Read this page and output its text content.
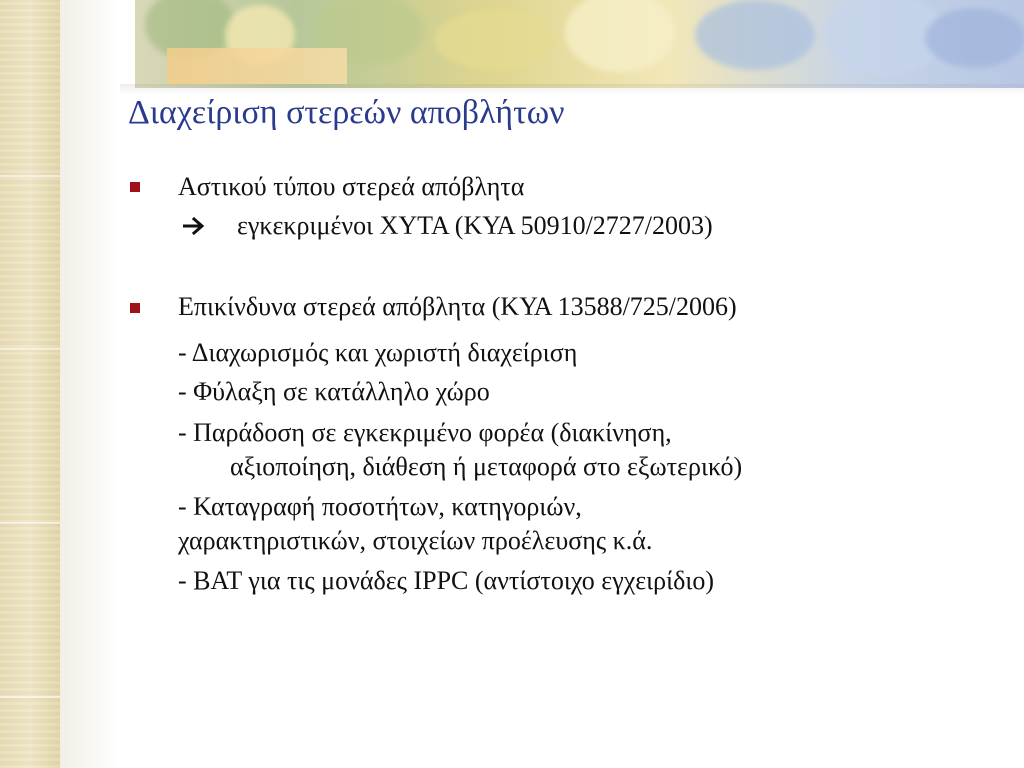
Διαχείριση στερεών αποβλήτων
Αστικού τύπου στερεά απόβλητα
εγκεκριμένοι ΧΥΤΑ (ΚΥΑ 50910/2727/2003)
Επικίνδυνα στερεά απόβλητα (ΚΥΑ 13588/725/2006)
- Διαχωρισμός και χωριστή διαχείριση
- Φύλαξη σε κατάλληλο χώρο
- Παράδοση σε εγκεκριμένο φορέα (διακίνηση,
αξιοποίηση, διάθεση ή μεταφορά στο εξωτερικό)
- Καταγραφή ποσοτήτων, κατηγοριών,
χαρακτηριστικών, στοιχείων προέλευσης κ.ά.
- ΒΑΤ για τις μονάδες IPPC (αντίστοιχο εγχειρίδιο)
